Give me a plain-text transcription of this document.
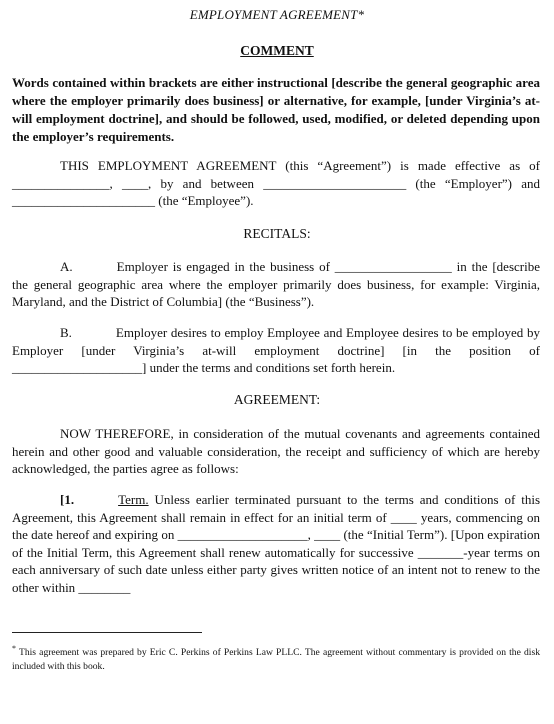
EMPLOYMENT AGREEMENT*
COMMENT
Words contained within brackets are either instructional [describe the general geographic area where the employer primarily does business] or alternative, for example, [under Virginia’s at-will employment doctrine], and should be followed, used, modified, or deleted depending upon the employer’s requirements.
THIS EMPLOYMENT AGREEMENT (this “Agreement”) is made effective as of _______________, ____, by and between ______________________ (the “Employer”) and ______________________ (the “Employee”).
RECITALS:
A.	Employer is engaged in the business of __________________ in the [describe the general geographic area where the employer primarily does business, for example: Virginia, Maryland, and the District of Columbia] (the “Business”).
B.	Employer desires to employ Employee and Employee desires to be employed by Employer [under Virginia’s at-will employment doctrine] [in the position of ____________________] under the terms and conditions set forth herein.
AGREEMENT:
NOW THEREFORE, in consideration of the mutual covenants and agreements contained herein and other good and valuable consideration, the receipt and sufficiency of which are hereby acknowledged, the parties agree as follows:
[1.	Term. Unless earlier terminated pursuant to the terms and conditions of this Agreement, this Agreement shall remain in effect for an initial term of ____ years, commencing on the date hereof and expiring on ____________________, ____ (the “Initial Term”). [Upon expiration of the Initial Term, this Agreement shall renew automatically for successive _______-year terms on each anniversary of such date unless either party gives written notice of an intent not to renew to the other within ________
* This agreement was prepared by Eric C. Perkins of Perkins Law PLLC. The agreement without commentary is provided on the disk included with this book.
